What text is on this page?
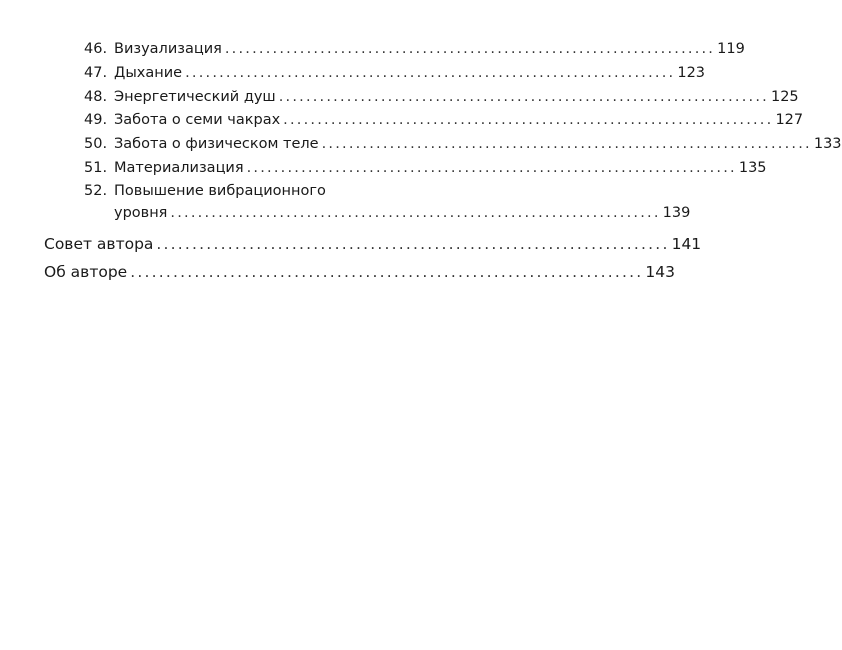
46. Визуализация ........................................................................ 119
47. Дыхание ........................................................................ 123
48. Энергетический душ ........................................................................ 125
49. Забота о семи чакрах ........................................................................ 127
50. Забота о физическом теле ........................................................................ 133
51. Материализация ........................................................................ 135
52. Повышение вибрационного
уровня ........................................................................ 139
Совет автора ........................................................................ 141
Об авторе ........................................................................ 143
